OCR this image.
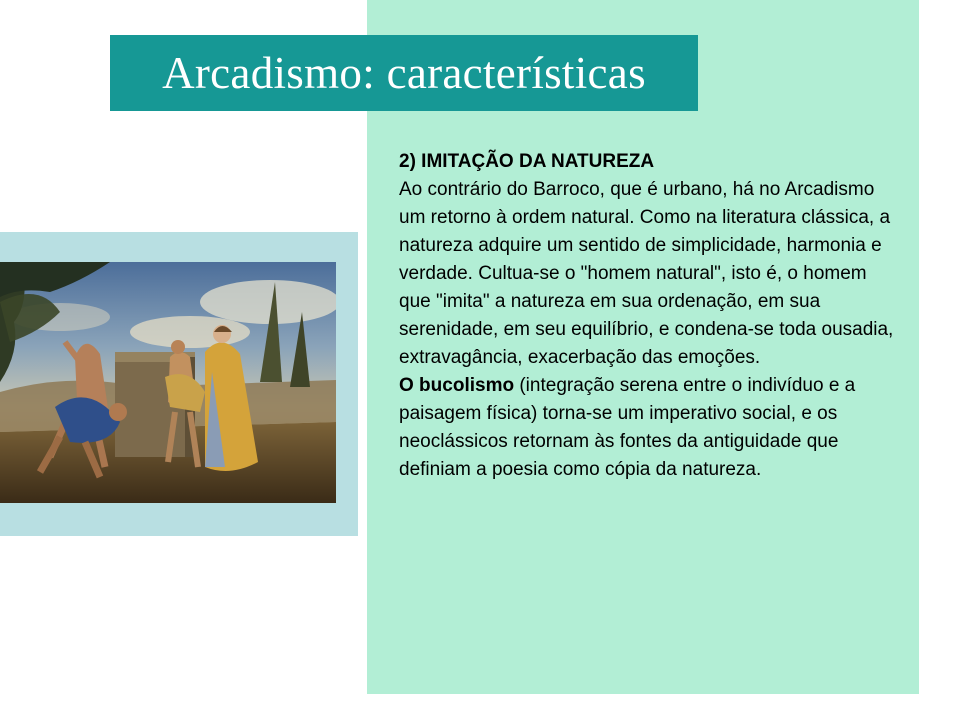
Arcadismo: características

2) IMITAÇÃO DA NATUREZA

Ao contrário do Barroco, que é urbano, há no Arcadismo um retorno à ordem natural. Como na literatura clássica, a natureza adquire um sentido de simplicidade, harmonia e verdade. Cultua-se o "homem natural", isto é, o homem que "imita" a natureza em sua ordenação, em sua serenidade, em seu equilíbrio, e condena-se toda ousadia, extravagância, exacerbação das emoções.

O bucolismo (integração serena entre o indivíduo e a paisagem física) torna-se um imperativo social, e os neoclássicos retornam às fontes da antiguidade que definiam a poesia como cópia da natureza.
